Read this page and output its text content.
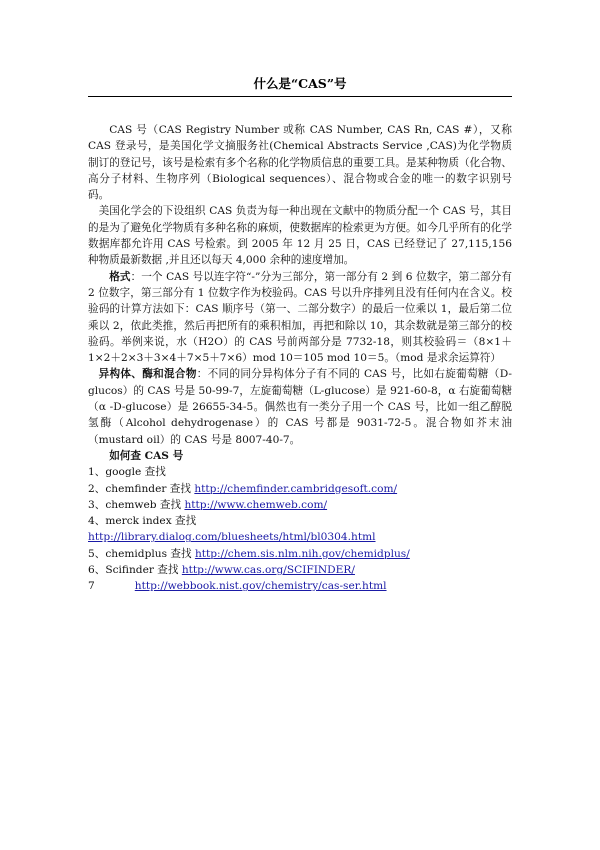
什么是“CAS”号

CAS 号（CAS Registry Number 或称 CAS Number, CAS Rn, CAS #），又称 CAS 登录号，是美国化学文摘服务社(Chemical Abstracts Service ,CAS)为化学物质制订的登记号，该号是检索有多个名称的化学物质信息的重要工具。是某种物质（化合物、高分子材料、生物序列（Biological sequences）、混合物或合金的唯一的数字识别号码。

美国化学会的下设组织 CAS 负责为每一种出现在文献中的物质分配一个 CAS 号，其目的是为了避免化学物质有多种名称的麻烦，使数据库的检索更为方便。如今几乎所有的化学数据库都允许用 CAS 号检索。到 2005 年 12 月 25 日，CAS 已经登记了 27,115,156 种物质最新数据 ,并且还以每天 4,000 余种的速度增加。

格式：一个 CAS 号以连字符“-”分为三部分，第一部分有 2 到 6 位数字，第二部分有 2 位数字，第三部分有 1 位数字作为校验码。CAS 号以升序排列且没有任何内在含义。校验码的计算方法如下：CAS 顺序号（第一、二部分数字）的最后一位乘以 1，最后第二位乘以 2，依此类推，然后再把所有的乘积相加，再把和除以 10，其余数就是第三部分的校验码。举例来说，水（H2O）的 CAS 号前两部分是 7732-18，则其校验码＝（8×1＋1×2＋2×3＋3×4＋7×5＋7×6）mod 10＝105 mod 10＝5。（mod 是求余运算符）

异构体、酶和混合物：不同的同分异构体分子有不同的 CAS 号，比如右旋葡萄糖（D-glucos）的 CAS 号是 50-99-7，左旋葡萄糖（L-glucose）是 921-60-8，α 右旋葡萄糖（α -D-glucose）是 26655-34-5。偶然也有一类分子用一个 CAS 号，比如一组乙醇脱氢酶（Alcohol dehydrogenase）的 CAS 号都是 9031-72-5。混合物如芥末油（mustard oil）的 CAS 号是 8007-40-7。

如何查 CAS 号

1、google 查找
2、chemfinder 查找 http://chemfinder.cambridgesoft.com/
3、chemweb 查找 http://www.chemweb.com/
4、merck index 查找
http://library.dialog.com/bluesheets/html/bl0304.html
5、chemidplus 查找 http://chem.sis.nlm.nih.gov/chemidplus/
6、Scifinder 查找 http://www.cas.org/SCIFINDER/
7	http://webbook.nist.gov/chemistry/cas-ser.html
